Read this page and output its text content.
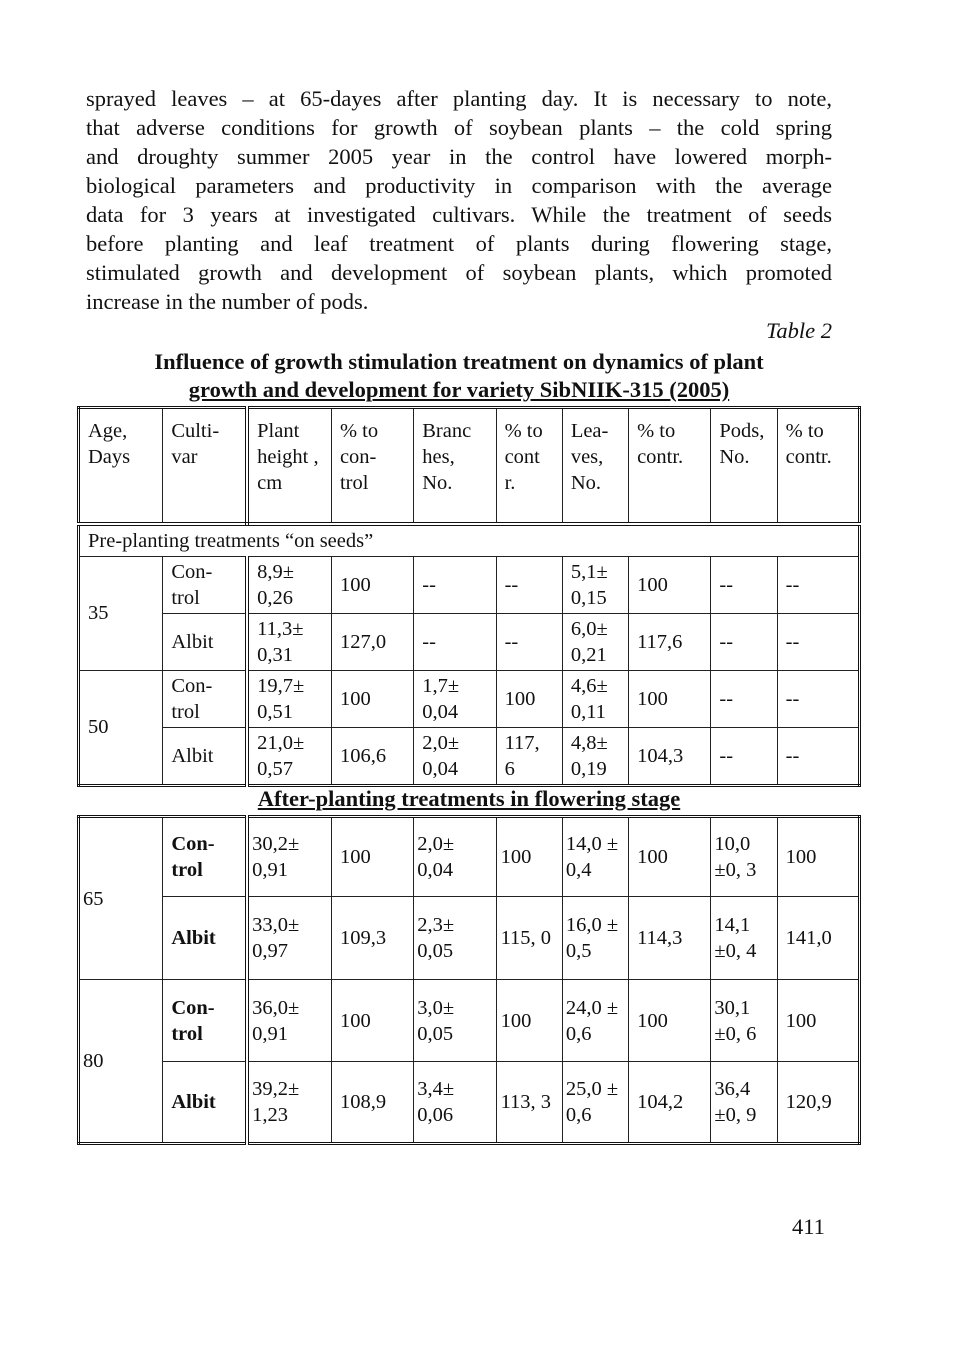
sprayed leaves – at 65-dayes after planting day. It is necessary to note,
that adverse conditions for growth of soybean plants – the cold spring
and droughty summer 2005 year in the control have lowered morph-
biological parameters and productivity in comparison with the average
data for 3 years at investigated cultivars. While the treatment of seeds
before planting and leaf treatment of plants during flowering stage,
stimulated growth and development of soybean plants, which promoted
increase in the number of pods.
Table 2
Influence of growth stimulation treatment on dynamics of plant
growth and development for variety SibNIIK-315 (2005)
Age, Days	Culti- var	Plant height , cm	% to con- trol	Branc hes, No.	% to cont r.	Lea- ves, No.	% to contr.	Pods, No.	% to contr.
Pre-planting treatments “on seeds”									
35	Con- trol	8,9± 0,26	100	--	--	5,1± 0,15	100	--	--
	Albit	11,3± 0,31	127,0	--	--	6,0± 0,21	117,6	--	--
50	Con- trol	19,7± 0,51	100	1,7± 0,04	100	4,6± 0,11	100	--	--
	Albit	21,0± 0,57	106,6	2,0± 0,04	117, 6	4,8± 0,19	104,3	--	--
After-planting treatments in flowering stage
65	Con- trol	30,2± 0,91	100	2,0± 0,04	100	14,0 ± 0,4	100	10,0 ±0, 3	100
	Albit	33,0± 0,97	109,3	2,3± 0,05	115, 0	16,0 ± 0,5	114,3	14,1 ±0, 4	141,0
80	Con- trol	36,0± 0,91	100	3,0± 0,05	100	24,0 ± 0,6	100	30,1 ±0, 6	100
	Albit	39,2± 1,23	108,9	3,4± 0,06	113, 3	25,0 ± 0,6	104,2	36,4 ±0, 9	120,9
411
